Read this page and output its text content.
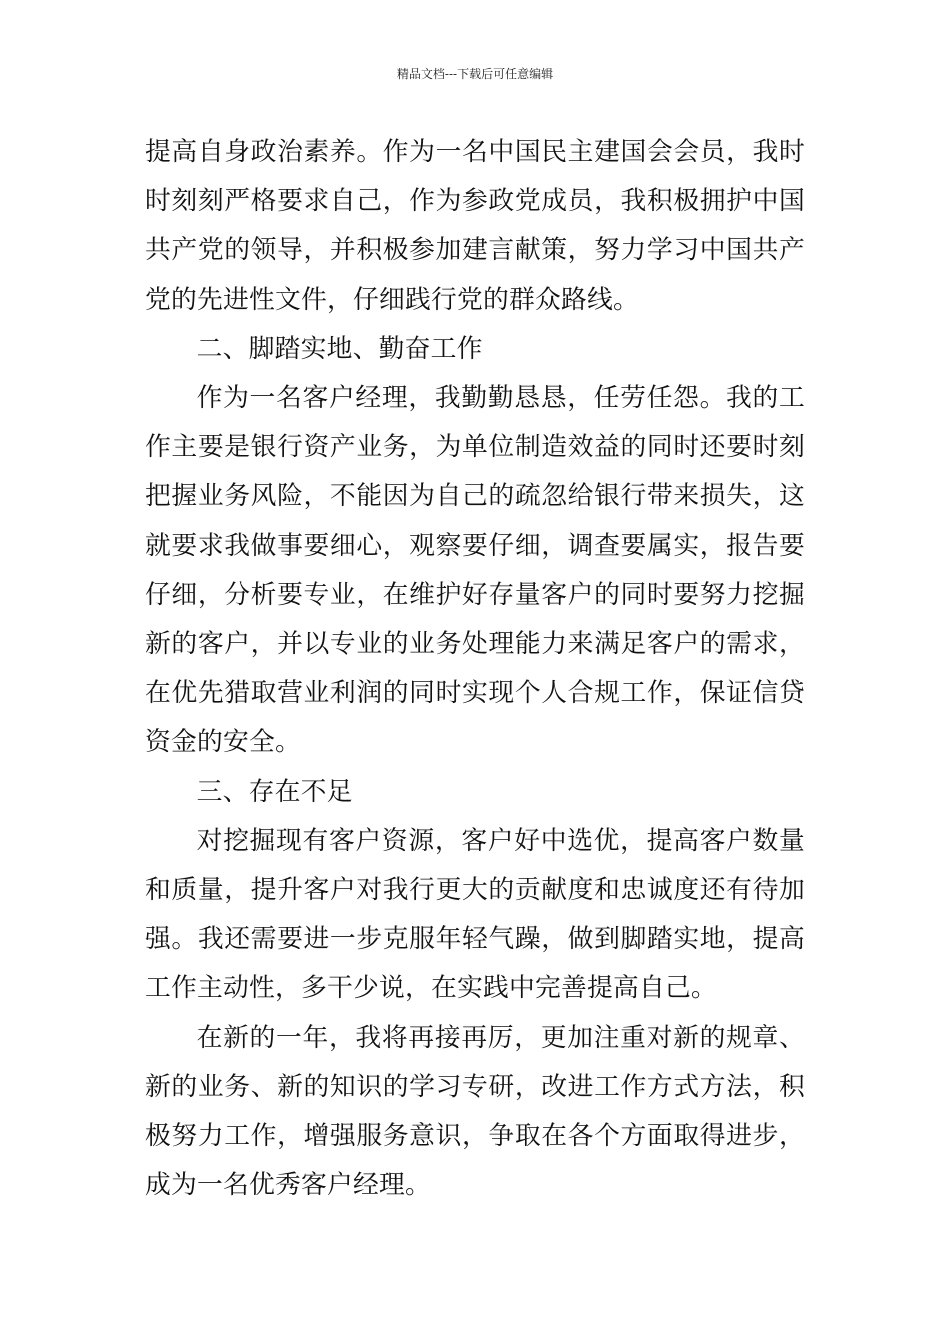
精品文档---下载后可任意编辑

提高自身政治素养。作为一名中国民主建国会会员，我时时刻刻严格要求自己，作为参政党成员，我积极拥护中国共产党的领导，并积极参加建言献策，努力学习中国共产党的先进性文件，仔细践行党的群众路线。

二、脚踏实地、勤奋工作

作为一名客户经理，我勤勤恳恳，任劳任怨。我的工作主要是银行资产业务，为单位制造效益的同时还要时刻把握业务风险，不能因为自己的疏忽给银行带来损失，这就要求我做事要细心，观察要仔细，调查要属实，报告要仔细，分析要专业，在维护好存量客户的同时要努力挖掘新的客户，并以专业的业务处理能力来满足客户的需求，在优先猎取营业利润的同时实现个人合规工作，保证信贷资金的安全。

三、存在不足

对挖掘现有客户资源，客户好中选优，提高客户数量和质量，提升客户对我行更大的贡献度和忠诚度还有待加强。我还需要进一步克服年轻气躁，做到脚踏实地，提高工作主动性，多干少说，在实践中完善提高自己。

在新的一年，我将再接再厉，更加注重对新的规章、新的业务、新的知识的学习专研，改进工作方式方法，积极努力工作，增强服务意识，争取在各个方面取得进步，成为一名优秀客户经理。
